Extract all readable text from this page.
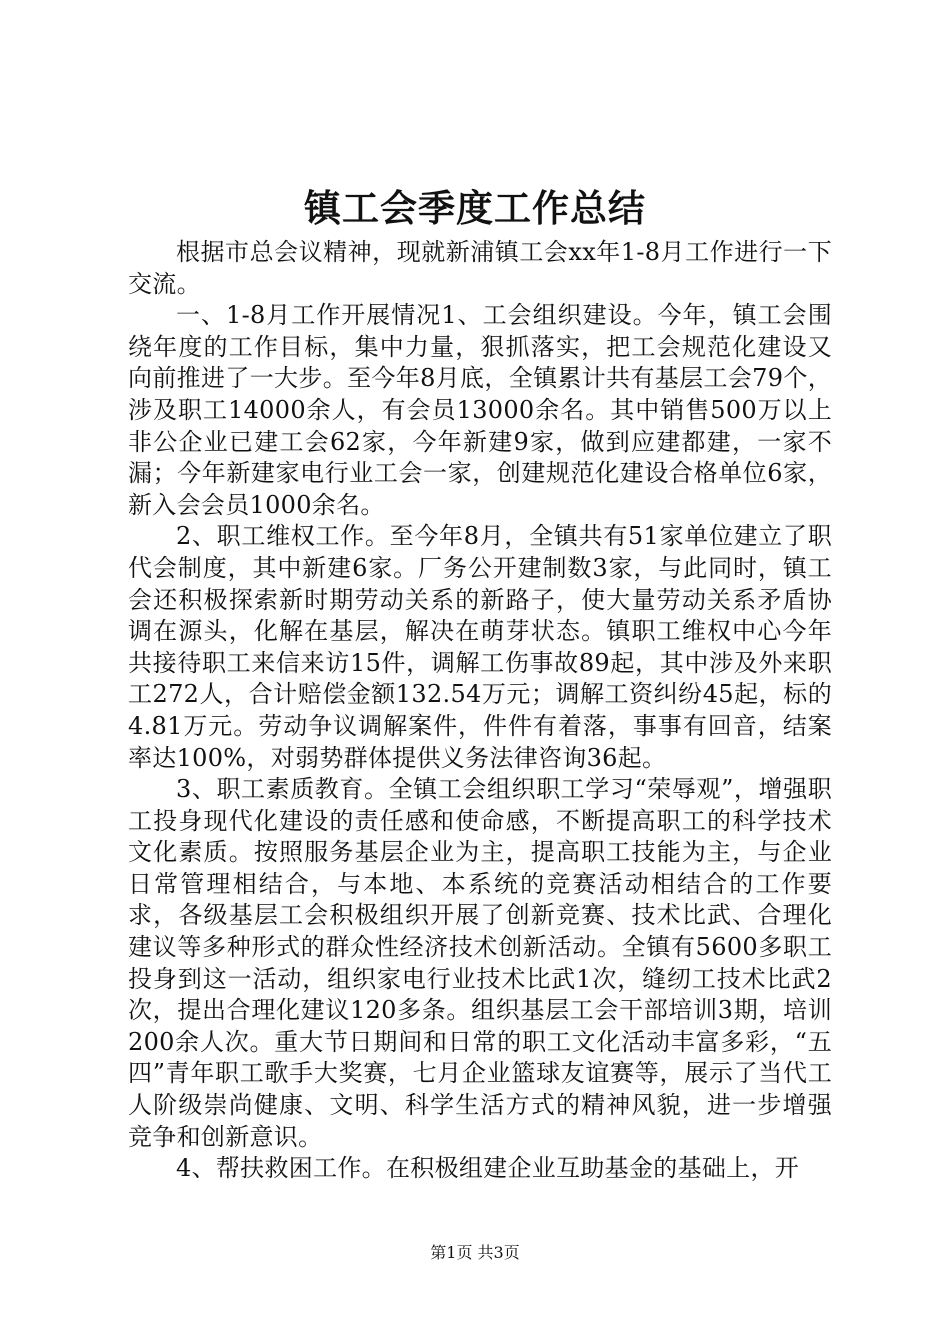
镇工会季度工作总结

根据市总会议精神，现就新浦镇工会xx年1-8月工作进行一下交流。

一、1-8月工作开展情况1、工会组织建设。今年，镇工会围绕年度的工作目标，集中力量，狠抓落实，把工会规范化建设又向前推进了一大步。至今年8月底，全镇累计共有基层工会79个，涉及职工14000余人，有会员13000余名。其中销售500万以上非公企业已建工会62家，今年新建9家，做到应建都建，一家不漏；今年新建家电行业工会一家，创建规范化建设合格单位6家，新入会会员1000余名。

2、职工维权工作。至今年8月，全镇共有51家单位建立了职代会制度，其中新建6家。厂务公开建制数3家，与此同时，镇工会还积极探索新时期劳动关系的新路子，使大量劳动关系矛盾协调在源头，化解在基层，解决在萌芽状态。镇职工维权中心今年共接待职工来信来访15件，调解工伤事故89起，其中涉及外来职工272人，合计赔偿金额132.54万元；调解工资纠纷45起，标的4.81万元。劳动争议调解案件，件件有着落，事事有回音，结案率达100%，对弱势群体提供义务法律咨询36起。

3、职工素质教育。全镇工会组织职工学习“荣辱观”，增强职工投身现代化建设的责任感和使命感，不断提高职工的科学技术文化素质。按照服务基层企业为主，提高职工技能为主，与企业日常管理相结合，与本地、本系统的竞赛活动相结合的工作要求，各级基层工会积极组织开展了创新竞赛、技术比武、合理化建议等多种形式的群众性经济技术创新活动。全镇有5600多职工投身到这一活动，组织家电行业技术比武1次，缝纫工技术比武2次，提出合理化建议120多条。组织基层工会干部培训3期，培训200余人次。重大节日期间和日常的职工文化活动丰富多彩，“五四”青年职工歌手大奖赛，七月企业篮球友谊赛等，展示了当代工人阶级崇尚健康、文明、科学生活方式的精神风貌，进一步增强竞争和创新意识。

4、帮扶救困工作。在积极组建企业互助基金的基础上，开

第1页 共3页
